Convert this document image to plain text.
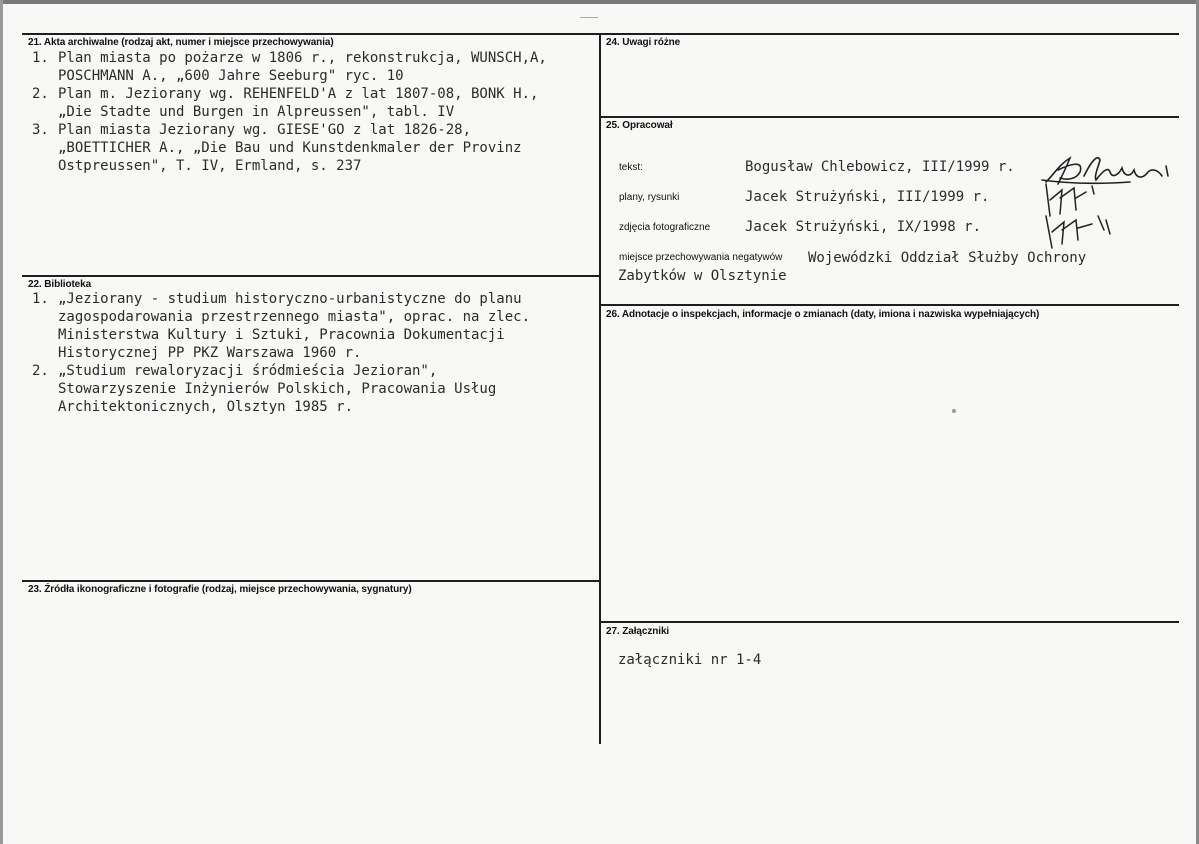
21. Akta archiwalne (rodzaj akt, numer i miejsce przechowywania)
1. Plan miasta po pożarze w 1806 r., rekonstrukcja, WUNSCH,A,
POSCHMANN A., „600 Jahre Seeburg" ryc. 10
2. Plan m. Jeziorany wg. REHENFELD'A z lat 1807-08, BONK H.,
„Die Stadte und Burgen in Alpreussen", tabl. IV
3. Plan miasta Jeziorany wg. GIESE'GO z lat 1826-28,
„BOETTICHER A., „Die Bau und Kunstdenkmaler der Provinz
Ostpreussen", T. IV, Ermland, s. 237
22. Biblioteka
1. „Jeziorany - studium historyczno-urbanistyczne do planu
zagospodarowania przestrzennego miasta", oprac. na zlec.
Ministerstwa Kultury i Sztuki, Pracownia Dokumentacji
Historycznej PP PKZ Warszawa 1960 r.
2. „Studium rewaloryzacji śródmieścia Jezioran",
Stowarzyszenie Inżynierów Polskich, Pracowania Usług
Architektonicznych, Olsztyn 1985 r.
23. Źródła ikonograficzne i fotografie (rodzaj, miejsce przechowywania, sygnatury)
24. Uwagi różne
25. Opracował
tekst:	Bogusław Chlebowicz, III/1999 r.
plany, rysunki	Jacek Strużyński, III/1999 r.
zdjęcia fotograficzne Jacek Strużyński, IX/1998 r.
miejsce przechowywania negatywów Wojewódzki Oddział Służby Ochrony
Zabytków w Olsztynie
26. Adnotacje o inspekcjach, informacje o zmianach (daty, imiona i nazwiska wypełniających)
27. Załączniki
załączniki nr 1-4
